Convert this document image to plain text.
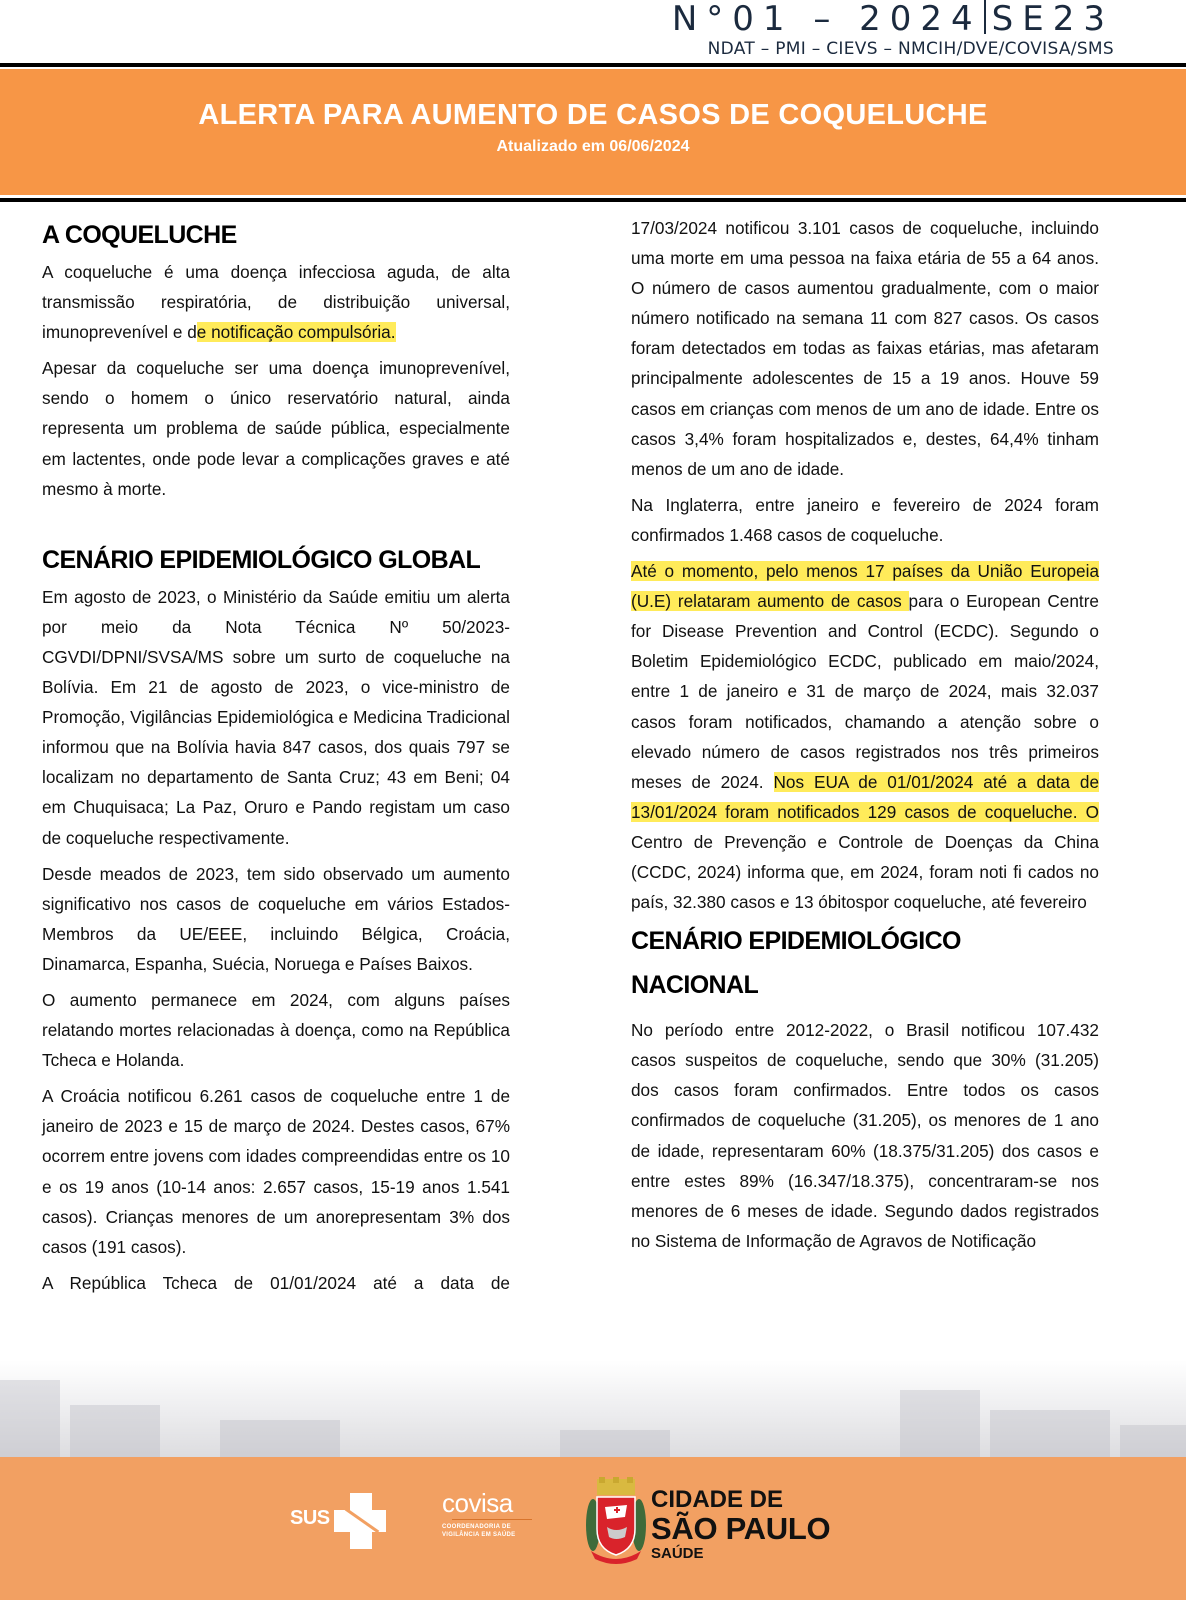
N°01 – 2024 SE23
NDAT – PMI – CIEVS – NMCIH/DVE/COVISA/SMS
ALERTA PARA AUMENTO DE CASOS DE COQUELUCHE
Atualizado em 06/06/2024
A COQUELUCHE

A coqueluche é uma doença infecciosa aguda, de alta transmissão respiratória, de distribuição universal, imunoprevenível e de notificação compulsória.

Apesar da coqueluche ser uma doença imunoprevenível, sendo o homem o único reservatório natural, ainda representa um problema de saúde pública, especialmente em lactentes, onde pode levar a complicações graves e até mesmo à morte.

CENÁRIO EPIDEMIOLÓGICO GLOBAL

Em agosto de 2023, o Ministério da Saúde emitiu um alerta por meio da Nota Técnica Nº 50/2023-CGVDI/DPNI/SVSA/MS sobre um surto de coqueluche na Bolívia. Em 21 de agosto de 2023, o vice-ministro de Promoção, Vigilâncias Epidemiológica e Medicina Tradicional informou que na Bolívia havia 847 casos, dos quais 797 se localizam no departamento de Santa Cruz; 43 em Beni; 04 em Chuquisaca; La Paz, Oruro e Pando registam um caso de coqueluche respectivamente.

Desde meados de 2023, tem sido observado um aumento significativo nos casos de coqueluche em vários Estados-Membros da UE/EEE, incluindo Bélgica, Croácia, Dinamarca, Espanha, Suécia, Noruega e Países Baixos.

O aumento permanece em 2024, com alguns países relatando mortes relacionadas à doença, como na República Tcheca e Holanda.

A Croácia notificou 6.261 casos de coqueluche entre 1 de janeiro de 2023 e 15 de março de 2024. Destes casos, 67% ocorrem entre jovens com idades compreendidas entre os 10 e os 19 anos (10-14 anos: 2.657 casos, 15-19 anos 1.541 casos). Crianças menores de um anorepresentam 3% dos casos (191 casos).

A República Tcheca de 01/01/2024 até a data de

17/03/2024 notificou 3.101 casos de coqueluche, incluindo uma morte em uma pessoa na faixa etária de 55 a 64 anos. O número de casos aumentou gradualmente, com o maior número notificado na semana 11 com 827 casos. Os casos foram detectados em todas as faixas etárias, mas afetaram principalmente adolescentes de 15 a 19 anos. Houve 59 casos em crianças com menos de um ano de idade. Entre os casos 3,4% foram hospitalizados e, destes, 64,4% tinham menos de um ano de idade.

Na Inglaterra, entre janeiro e fevereiro de 2024 foram confirmados 1.468 casos de coqueluche.

Até o momento, pelo menos 17 países da União Europeia (U.E) relataram aumento de casos para o European Centre for Disease Prevention and Control (ECDC). Segundo o Boletim Epidemiológico ECDC, publicado em maio/2024, entre 1 de janeiro e 31 de março de 2024, mais 32.037 casos foram notificados, chamando a atenção sobre o elevado número de casos registrados nos três primeiros meses de 2024. Nos EUA de 01/01/2024 até a data de 13/01/2024 foram notificados 129 casos de coqueluche. O Centro de Prevenção e Controle de Doenças da China (CCDC, 2024) informa que, em 2024, foram noti fi cados no país, 32.380 casos e 13 óbitospor coqueluche, até fevereiro

CENÁRIO EPIDEMIOLÓGICO NACIONAL

No período entre 2012-2022, o Brasil notificou 107.432 casos suspeitos de coqueluche, sendo que 30% (31.205) dos casos foram confirmados. Entre todos os casos confirmados de coqueluche (31.205), os menores de 1 ano de idade, representaram 60% (18.375/31.205) dos casos e entre estes 89% (16.347/18.375), concentraram-se nos menores de 6 meses de idade. Segundo dados registrados no Sistema de Informação de Agravos de Notificação

SUS	covisa
COORDENADORIA DE
VIGILÂNCIA EM SAÚDE
CIDADE DE
SÃO PAULO
SAÚDE
